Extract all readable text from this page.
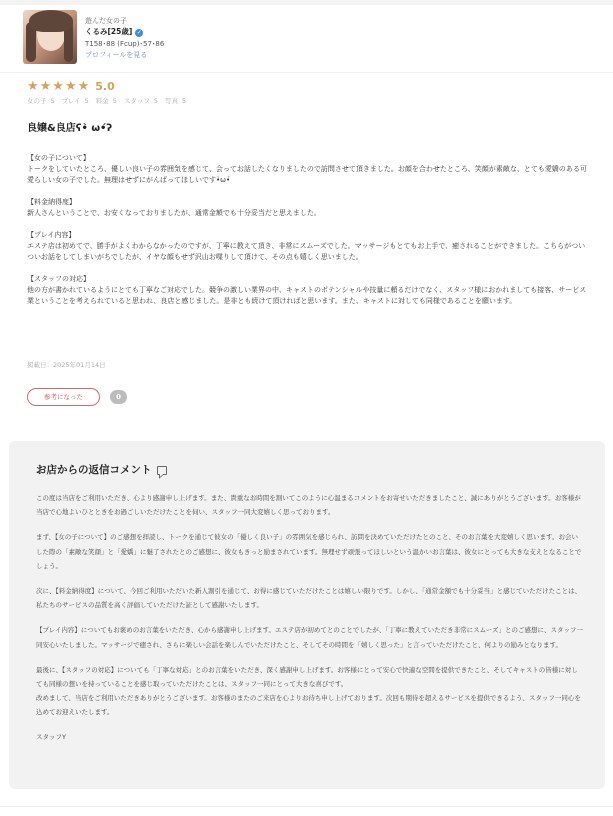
遊んだ女の子
くるみ[25歳] ✓
T158･88 (Fcup)･57･86
プロフィールを見る
★★★★★ 5.0
女の子 5 プレイ 5 料金 5 スタッフ 5 写真 5
良嬢&良店ʕ•̀ ω•́ʔ
【女の子について】
トークをしていたところ、優しい良い子の雰囲気を感じて、会ってお話したくなりましたので訪問させて頂きました。お顔を合わせたところ、笑顔が素敵な、とても愛嬌のある可愛らしい女の子でした。無理はせずにがんばってほしいです•̀ω•́
【料金納得度】
新人さんということで、お安くなっておりましたが、通常金額でも十分妥当だと思えました。
【プレイ内容】
エステ店は初めてで、勝手がよくわからなかったのですが、丁寧に教えて頂き、非常にスムーズでした。マッサージもとてもお上手で、癒されることができました。こちらがついついお話をしてしまいがちでしたが、イヤな顔もせず沢山お喋りして頂けて、その点も嬉しく思いました。
【スタッフの対応】
他の方が書かれているようにとても丁寧なご対応でした。競争の激しい業界の中、キャストのポテンシャルや技量に頼るだけでなく、スタッフ様におかれましても接客、サービス業ということを考えられていると思われ、良店と感じました。是非とも続けて頂ければと思います。また、キャストに対しても同様であることを願います。
掲載日：2025年01月14日
参考になった	0
お店からの返信コメント

この度は当店をご利用いただき、心より感謝申し上げます。また、貴重なお時間を割いてこのように心温まるコメントをお寄せいただきましたこと、誠にありがとうございます。お客様が当店で心地よいひとときをお過ごしいただけたことを伺い、スタッフ一同大変嬉しく思っております。

まず、【女の子について】のご感想を拝読し、トークを通じて彼女の「優しく良い子」の雰囲気を感じられ、訪問を決めていただけたとのこと、そのお言葉を大変嬉しく思います。お会いした際の「素敵な笑顔」と「愛嬌」に魅了されたとのご感想に、彼女もきっと励まされています。無理せず頑張ってほしいという温かいお言葉は、彼女にとっても大きな支えとなることでしょう。

次に、【料金納得度】について、今回ご利用いただいた新人割引を通じて、お得に感じていただけたことは嬉しい限りです。しかし、「通常金額でも十分妥当」と感じていただけたことは、私たちのサービスの品質を高く評価していただけた証として感謝いたします。

【プレイ内容】についてもお褒めのお言葉をいただき、心から感謝申し上げます。エステ店が初めてとのことでしたが、「丁寧に教えていただき非常にスムーズ」とのご感想に、スタッフ一同安心いたしました。マッサージで癒され、さらに楽しい会話を楽しんでいただけたこと、そしてその時間を「嬉しく思った」と言っていただけたこと、何よりの励みとなります。

最後に、【スタッフの対応】についても「丁寧な対応」とのお言葉をいただき、深く感謝申し上げます。お客様にとって安心で快適な空間を提供できたこと、そしてキャストの皆様に対しても同様の想いを持っていることを感じ取っていただけたことは、スタッフ一同にとって大きな喜びです。

改めまして、当店をご利用いただきありがとうございます。お客様のまたのご来店を心よりお待ち申し上げております。次回も期待を超えるサービスを提供できるよう、スタッフ一同心を込めてお迎えいたします。

スタッフY
